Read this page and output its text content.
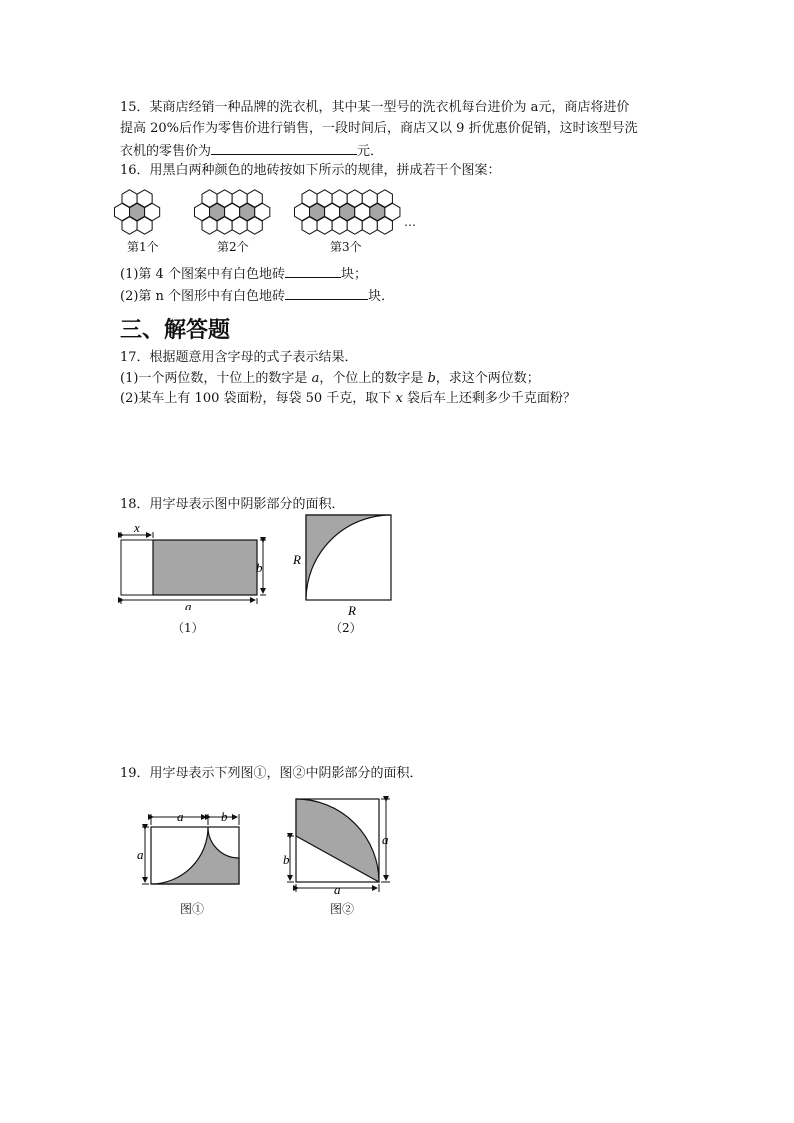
15．某商店经销一种品牌的洗衣机，其中某一型号的洗衣机每台进价为 a元，商店将进价
提高 20%后作为零售价进行销售，一段时间后，商店又以 9 折优惠价促销，这时该型号洗
衣机的零售价为	元．
16．用黑白两种颜色的地砖按如下所示的规律，拼成若干个图案：
第1个	第2个	第3个
…
(1)第 4 个图案中有白色地砖	块；
(2)第 n 个图形中有白色地砖	块．
三、解答题
17．根据题意用含字母的式子表示结果．
(1)一个两位数，十位上的数字是 a，个位上的数字是 b，求这个两位数；
(2)某车上有 100 袋面粉，每袋 50 千克，取下 x 袋后车上还剩多少千克面粉？
18．用字母表示图中阴影部分的面积．
x
b
a
（1）
R
R
（2）
19．用字母表示下列图①，图②中阴影部分的面积．
a	b
a
图①
b
a
a
图②
